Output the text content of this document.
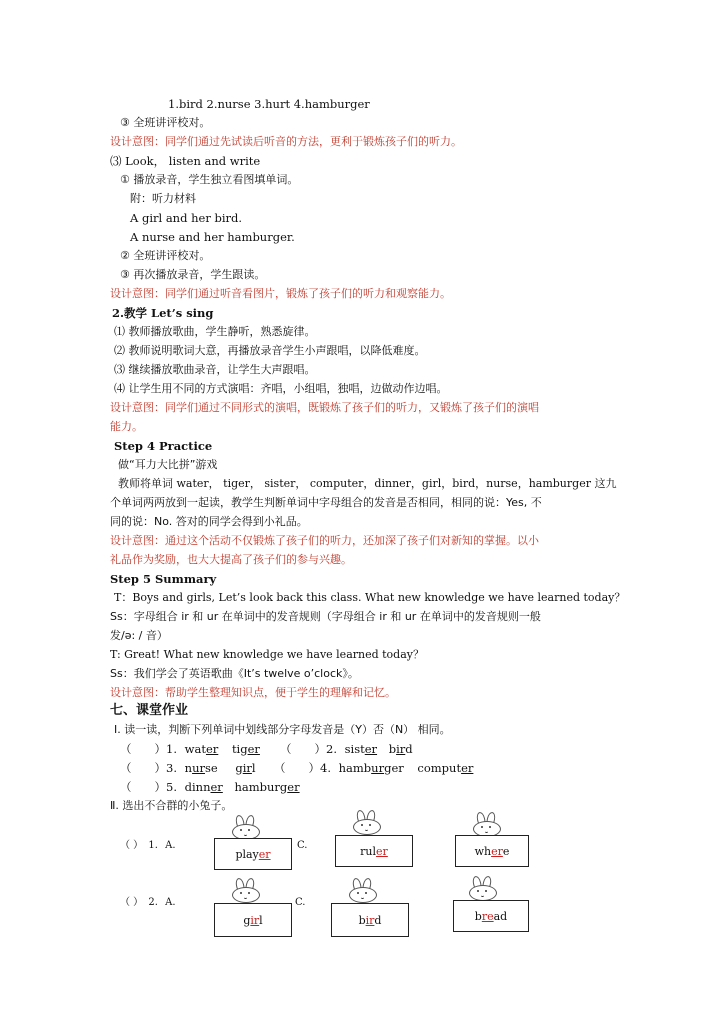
1.bird 2.nurse 3.hurt 4.hamburger
③ 全班讲评校对。
设计意图：同学们通过先试读后听音的方法，更利于锻炼孩子们的听力。
⑶ Look， listen and write
① 播放录音，学生独立看图填单词。
附：听力材料
A girl and her bird.
A nurse and her hamburger.
② 全班讲评校对。
③ 再次播放录音，学生跟读。
设计意图：同学们通过听音看图片，锻炼了孩子们的听力和观察能力。
2.教学 Let’s sing
⑴ 教师播放歌曲，学生静听，熟悉旋律。
⑵ 教师说明歌词大意，再播放录音学生小声跟唱，以降低难度。
⑶ 继续播放歌曲录音，让学生大声跟唱。
⑷ 让学生用不同的方式演唱：齐唱，小组唱，独唱，边做动作边唱。
设计意图：同学们通过不同形式的演唱，既锻炼了孩子们的听力，又锻炼了孩子们的演唱
能力。
Step 4 Practice
做“耳力大比拼”游戏
教师将单词 water， tiger， sister， computer，dinner，girl，bird，nurse，hamburger 这九
个单词两两放到一起读，教学生判断单词中字母组合的发音是否相同，相同的说：Yes, 不
同的说：No. 答对的同学会得到小礼品。
设计意图：通过这个活动不仅锻炼了孩子们的听力，还加深了孩子们对新知的掌握。以小
礼品作为奖励，也大大提高了孩子们的参与兴趣。
Step 5 Summary
T：Boys and girls, Let’s look back this class. What new knowledge we have learned today？
Ss：字母组合 ir 和 ur 在单词中的发音规则（字母组合 ir 和 ur 在单词中的发音规则一般
发/ə: / 音）
T: Great! What new knowledge we have learned today？
Ss：我们学会了英语歌曲《It’s twelve o’clock》。
设计意图：帮助学生整理知识点，便于学生的理解和记忆。
七、课堂作业
Ⅰ. 读一读，判断下列单词中划线部分字母发音是（Y）否（N） 相同。
（　　）1. water tiger （　　）2. sister bird
（　　）3. nurse girl （　　）4. hamburger computer
（　　）5. dinner hamburger
Ⅱ. 选出不合群的小兔子。
（ ） 1. A.	C.
play er	rul er	wh er e
（ ） 2. A.	C.
g ir l	b ir d	b re ad
